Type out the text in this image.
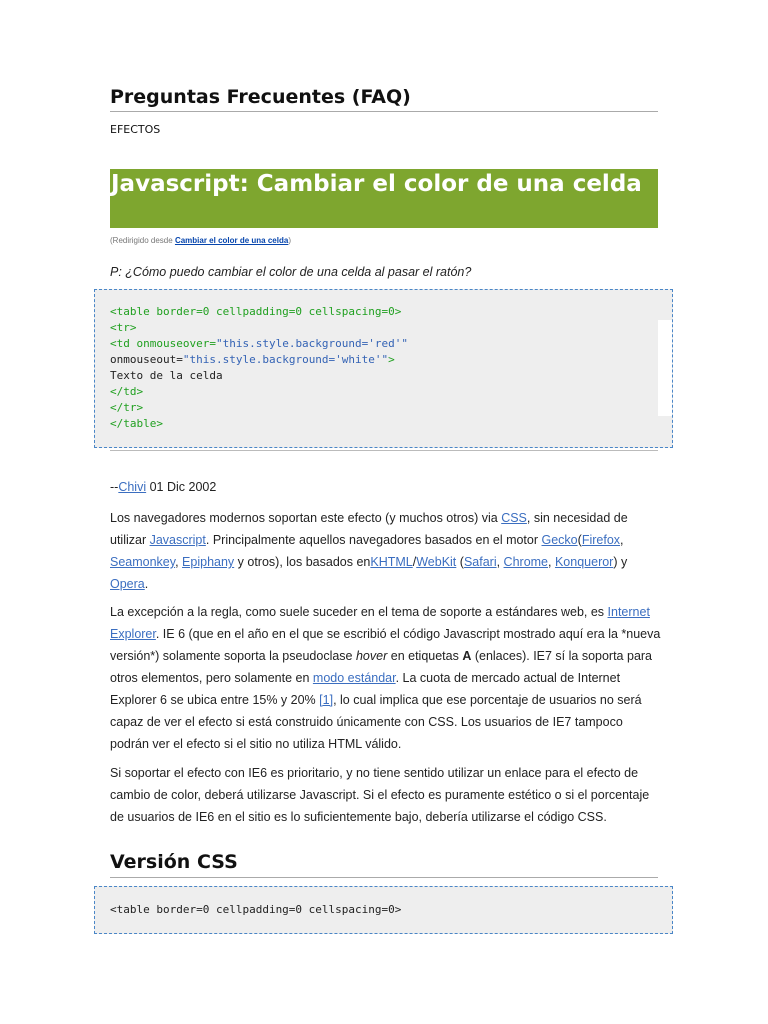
Preguntas Frecuentes (FAQ)
EFECTOS
Javascript: Cambiar el color de una celda
(Redirigido desde Cambiar el color de una celda)
P: ¿Cómo puedo cambiar el color de una celda al pasar el ratón?
<table border=0 cellpadding=0 cellspacing=0>
<tr>
<td onmouseover="this.style.background='red'"
onmouseout="this.style.background='white'">
Texto de la celda
</td>
</tr>
</table>
--Chivi 01 Dic 2002

Los navegadores modernos soportan este efecto (y muchos otros) via CSS, sin necesidad de utilizar Javascript. Principalmente aquellos navegadores basados en el motor Gecko(Firefox, Seamonkey, Epiphany y otros), los basados enKHTML/WebKit (Safari, Chrome, Konqueror) y Opera.

La excepción a la regla, como suele suceder en el tema de soporte a estándares web, es Internet Explorer. IE 6 (que en el año en el que se escribió el código Javascript mostrado aquí era la *nueva versión*) solamente soporta la pseudoclase hover en etiquetas A (enlaces). IE7 sí la soporta para otros elementos, pero solamente en modo estándar. La cuota de mercado actual de Internet Explorer 6 se ubica entre 15% y 20% [1], lo cual implica que ese porcentaje de usuarios no será capaz de ver el efecto si está construido únicamente con CSS. Los usuarios de IE7 tampoco podrán ver el efecto si el sitio no utiliza HTML válido.

Si soportar el efecto con IE6 es prioritario, y no tiene sentido utilizar un enlace para el efecto de cambio de color, deberá utilizarse Javascript. Si el efecto es puramente estético o si el porcentaje de usuarios de IE6 en el sitio es lo suficientemente bajo, debería utilizarse el código CSS.

Versión CSS
<table border=0 cellpadding=0 cellspacing=0>
